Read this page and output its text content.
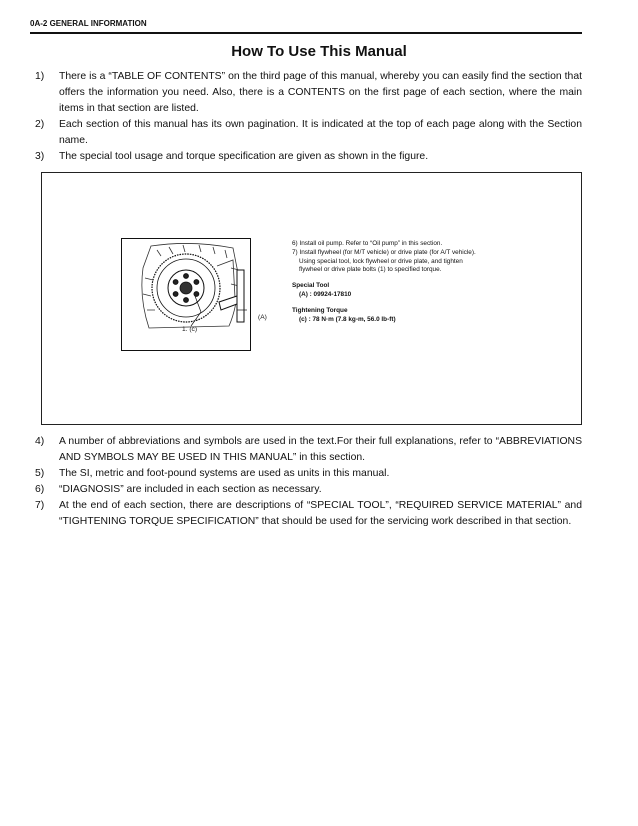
0A-2 GENERAL INFORMATION
How To Use This Manual
1)	There is a “TABLE OF CONTENTS” on the third page of this manual, whereby you can easily find the section that offers the information you need. Also, there is a CONTENTS on the first page of each section, where the main items in that section are listed.
2)	Each section of this manual has its own pagination. It is indicated at the top of each page along with the Section name.
3)	The special tool usage and torque specification are given as shown in the figure.
1. (c)
(A)
6) Install oil pump. Refer to “Oil pump” in this section.
7) Install flywheel (for M/T vehicle) or drive plate (for A/T vehicle).
Using special tool, lock flywheel or drive plate, and tighten
flywheel or drive plate bolts (1) to specified torque.
Special Tool
(A) : 09924-17810
Tightening Torque
(c) : 78 N·m (7.8 kg-m, 56.0 lb-ft)
4)	A number of abbreviations and symbols are used in the text.For their full explanations, refer to “ABBREVIATIONS AND SYMBOLS MAY BE USED IN THIS MANUAL” in this section.
5)	The SI, metric and foot-pound systems are used as units in this manual.
6)	“DIAGNOSIS” are included in each section as necessary.
7)	At the end of each section, there are descriptions of “SPECIAL TOOL”, “REQUIRED SERVICE MATERIAL” and “TIGHTENING TORQUE SPECIFICATION” that should be used for the servicing work described in that section.
